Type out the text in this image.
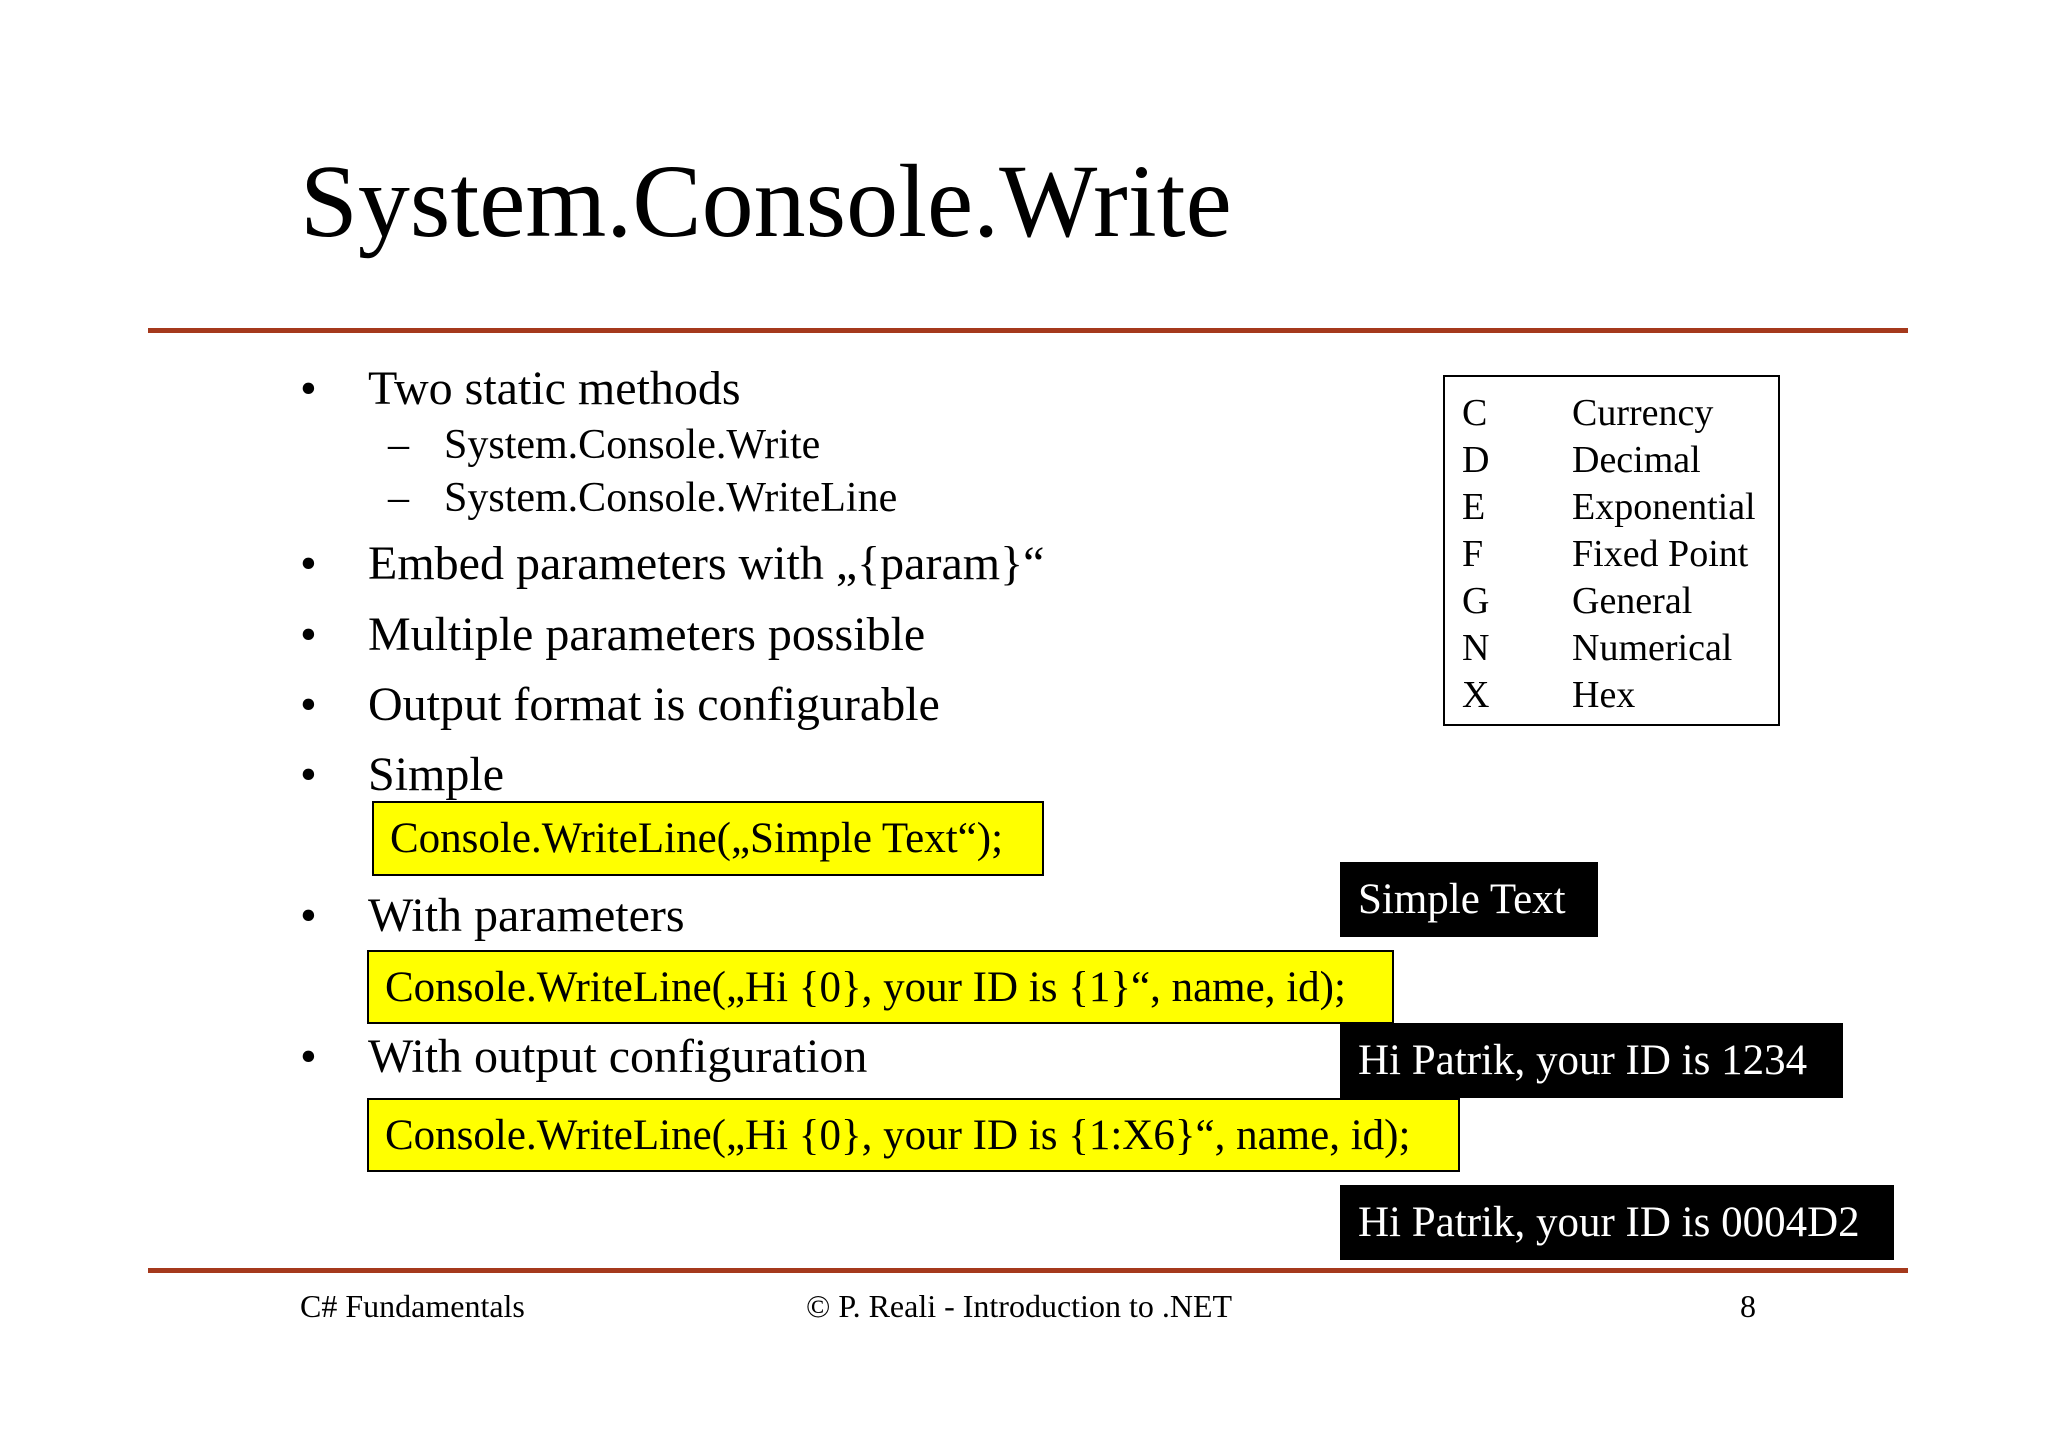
System.Console.Write
•	Two static methods
– System.Console.Write
– System.Console.WriteLine
•	Embed parameters with „{param}“
•	Multiple parameters possible
•	Output format is configurable
•	Simple
Console.WriteLine(„Simple Text“);
Simple Text
•	With parameters
Console.WriteLine(„Hi {0}, your ID is {1}“, name, id);
Hi Patrik, your ID is 1234
•	With output configuration
Console.WriteLine(„Hi {0}, your ID is {1:X6}“, name, id);
Hi Patrik, your ID is 0004D2
C Currency
D Decimal
E Exponential
F Fixed Point
G General
N Numerical
X Hex
C# Fundamentals	© P. Reali - Introduction to .NET	8
